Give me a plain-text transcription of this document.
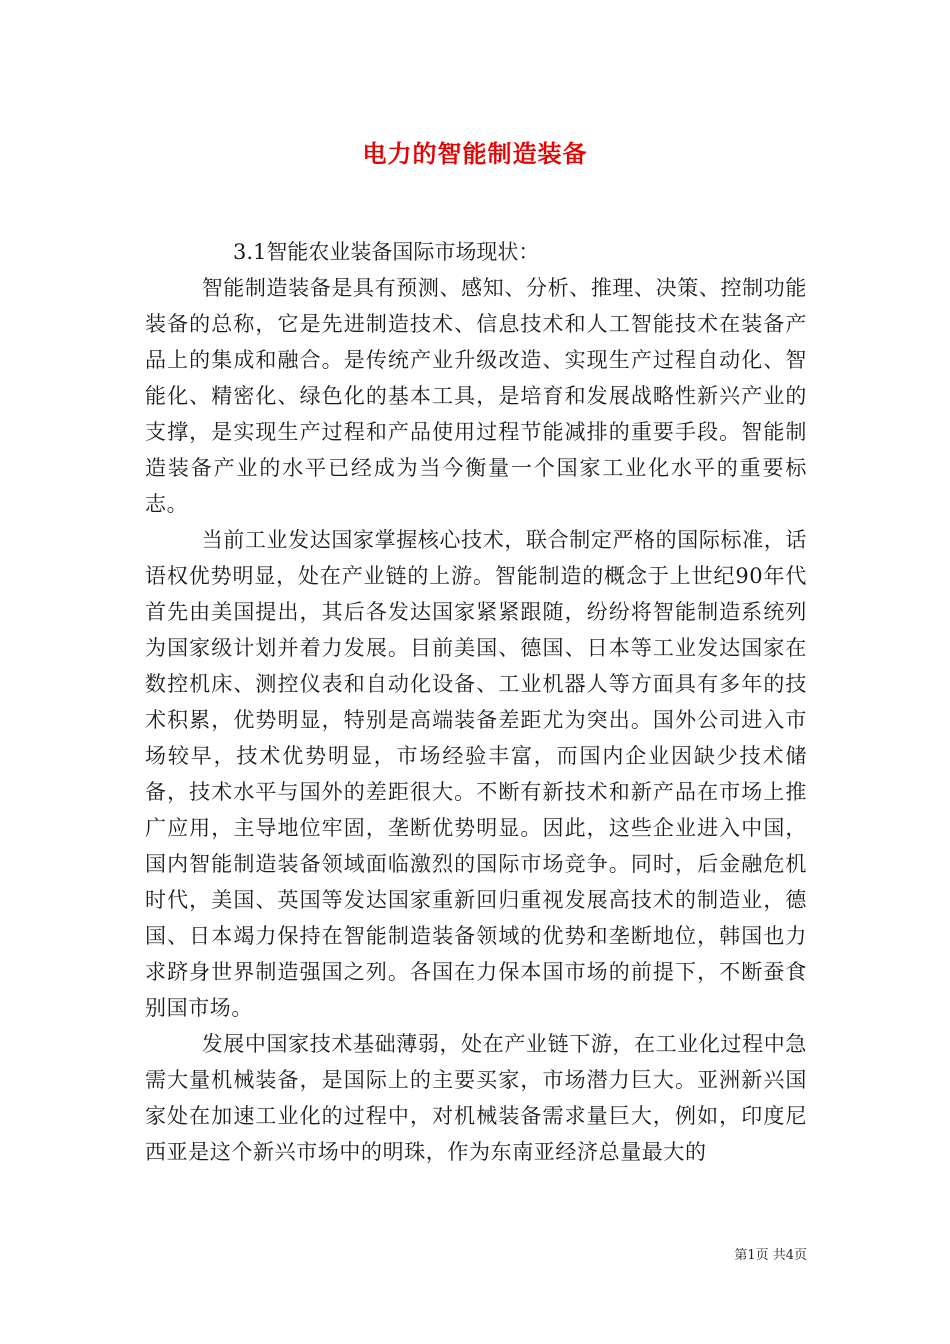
电力的智能制造装备

3.1智能农业装备国际市场现状：

智能制造装备是具有预测、感知、分析、推理、决策、控制功能装备的总称，它是先进制造技术、信息技术和人工智能技术在装备产品上的集成和融合。是传统产业升级改造、实现生产过程自动化、智能化、精密化、绿色化的基本工具，是培育和发展战略性新兴产业的支撑，是实现生产过程和产品使用过程节能减排的重要手段。智能制造装备产业的水平已经成为当今衡量一个国家工业化水平的重要标志。

当前工业发达国家掌握核心技术，联合制定严格的国际标准，话语权优势明显，处在产业链的上游。智能制造的概念于上世纪90年代首先由美国提出，其后各发达国家紧紧跟随，纷纷将智能制造系统列为国家级计划并着力发展。目前美国、德国、日本等工业发达国家在数控机床、测控仪表和自动化设备、工业机器人等方面具有多年的技术积累，优势明显，特别是高端装备差距尤为突出。国外公司进入市场较早，技术优势明显，市场经验丰富，而国内企业因缺少技术储备，技术水平与国外的差距很大。不断有新技术和新产品在市场上推广应用，主导地位牢固，垄断优势明显。因此，这些企业进入中国，国内智能制造装备领域面临激烈的国际市场竞争。同时，后金融危机时代，美国、英国等发达国家重新回归重视发展高技术的制造业，德国、日本竭力保持在智能制造装备领域的优势和垄断地位，韩国也力求跻身世界制造强国之列。各国在力保本国市场的前提下，不断蚕食别国市场。

发展中国家技术基础薄弱，处在产业链下游，在工业化过程中急需大量机械装备，是国际上的主要买家，市场潜力巨大。亚洲新兴国家处在加速工业化的过程中，对机械装备需求量巨大，例如，印度尼西亚是这个新兴市场中的明珠，作为东南亚经济总量最大的

第1页 共4页
